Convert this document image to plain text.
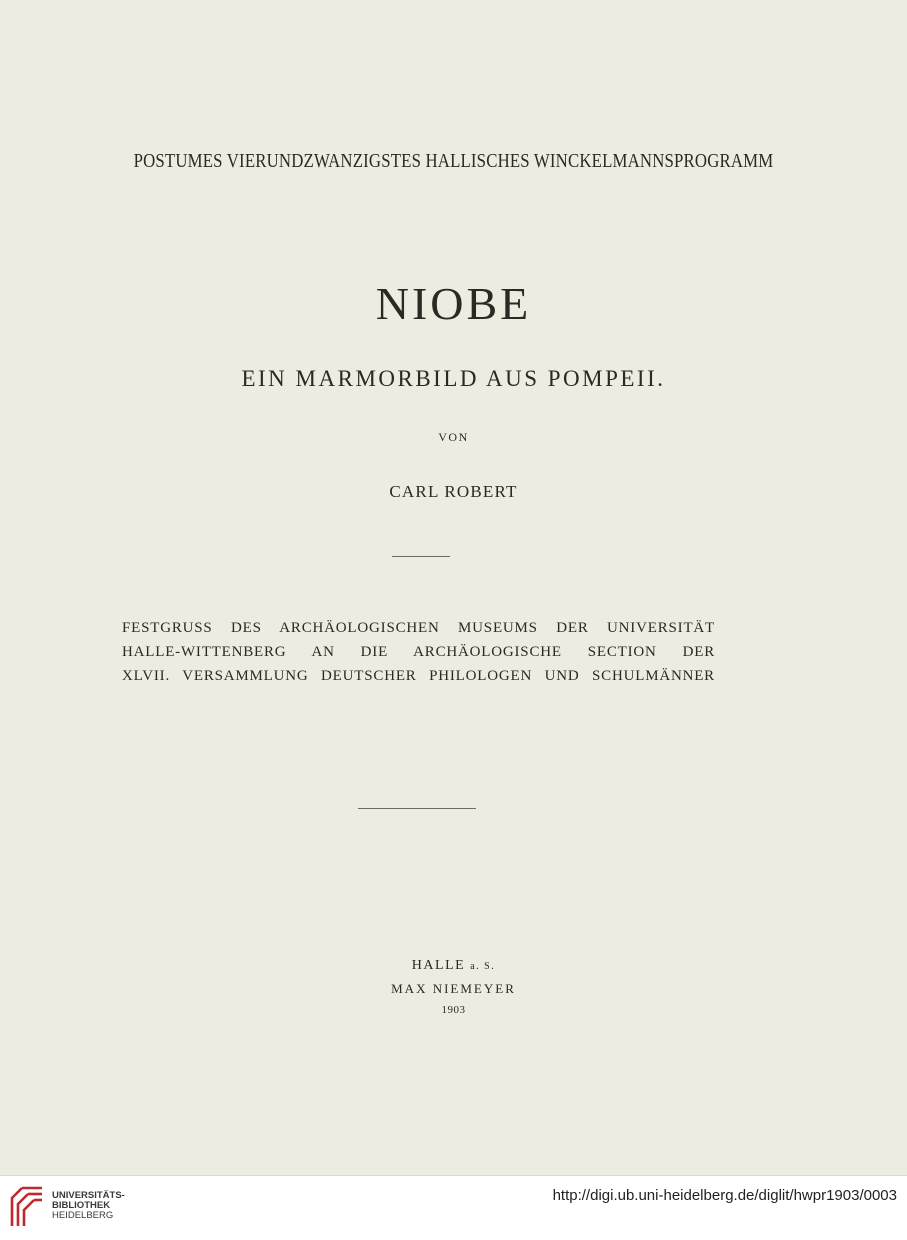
POSTUMES VIERUNDZWANZIGSTES HALLISCHES WINCKELMANNSPROGRAMM
NIOBE
EIN MARMORBILD AUS POMPEII.
VON
CARL ROBERT
FESTGRUSS DES ARCHÄOLOGISCHEN MUSEUMS DER UNIVERSITÄT
HALLE-WITTENBERG AN DIE ARCHÄOLOGISCHE SECTION DER
XLVII. VERSAMMLUNG DEUTSCHER PHILOLOGEN UND SCHULMÄNNER
HALLE a. S.
MAX NIEMEYER
1903
UNIVERSITÄTS-
BIBLIOTHEK
HEIDELBERG
http://digi.ub.uni-heidelberg.de/diglit/hwpr1903/0003
